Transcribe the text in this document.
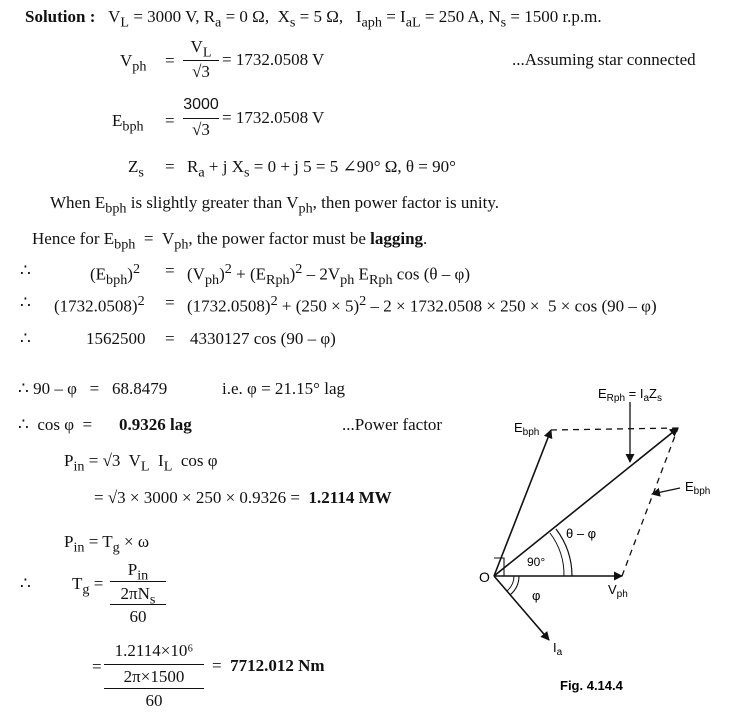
Solution :   $V_L = 3000$ V, $R_a = 0$ Ω,  $X_s = 5$ Ω,   $I_{aph} = I_{aL} = 250$ A, $N_s = 1500$ r.p.m.
$V_{ph}$ =
$V_L$
√3
= 1732.0508 V	...Assuming star connected
$E_{bph}$ =
3000
√3
= 1732.0508 V
$Z_s = R_a + j$ $X_s = 0 + j$ 5 = 5 ∠90° Ω, θ = 90°
When $E_{bph}$ is slightly greater than $V_{ph}$, then power factor is unity.
Hence for $E_{bph} = V_{ph}$, the power factor must be lagging.
∴	$(E_{bph})^2 = (V_{ph})^2 + (E_{Rph})^2 - 2V_{ph}$ $E_{Rph}$ cos (θ – φ)
∴ $(1732.0508)^2 = (1732.0508)^2 + (250 \times 5)^2 - 2 \times 1732.0508 \times 250 \times 5 \times \cos (90 - \varphi)$
∴	1562500 = 4330127 cos (90 – φ)
∴ 90 – φ   =   68.8479	i.e. φ = 21.15° lag
∴  cos φ  = 0.9326 lag	...Power factor
$P_{in} = √3$  $V_L$  $I_L$  cos φ
= √3 × 3000 × 250 × 0.9326 = 1.2114 MW
$P_{in} = T_g \times \omega$
∴ $T_g$ =
$P_{in}$
$2\pi N_s$
60
=
1.2114×10⁶
2π×1500
60
=  7712.012 Nm
$E_{Rph} = I_aZ_s$
$E_{bph}$
$E_{bph}$
θ – φ
90°
O
$V_{ph}$
φ
$I_a$
Fig. 4.14.4
